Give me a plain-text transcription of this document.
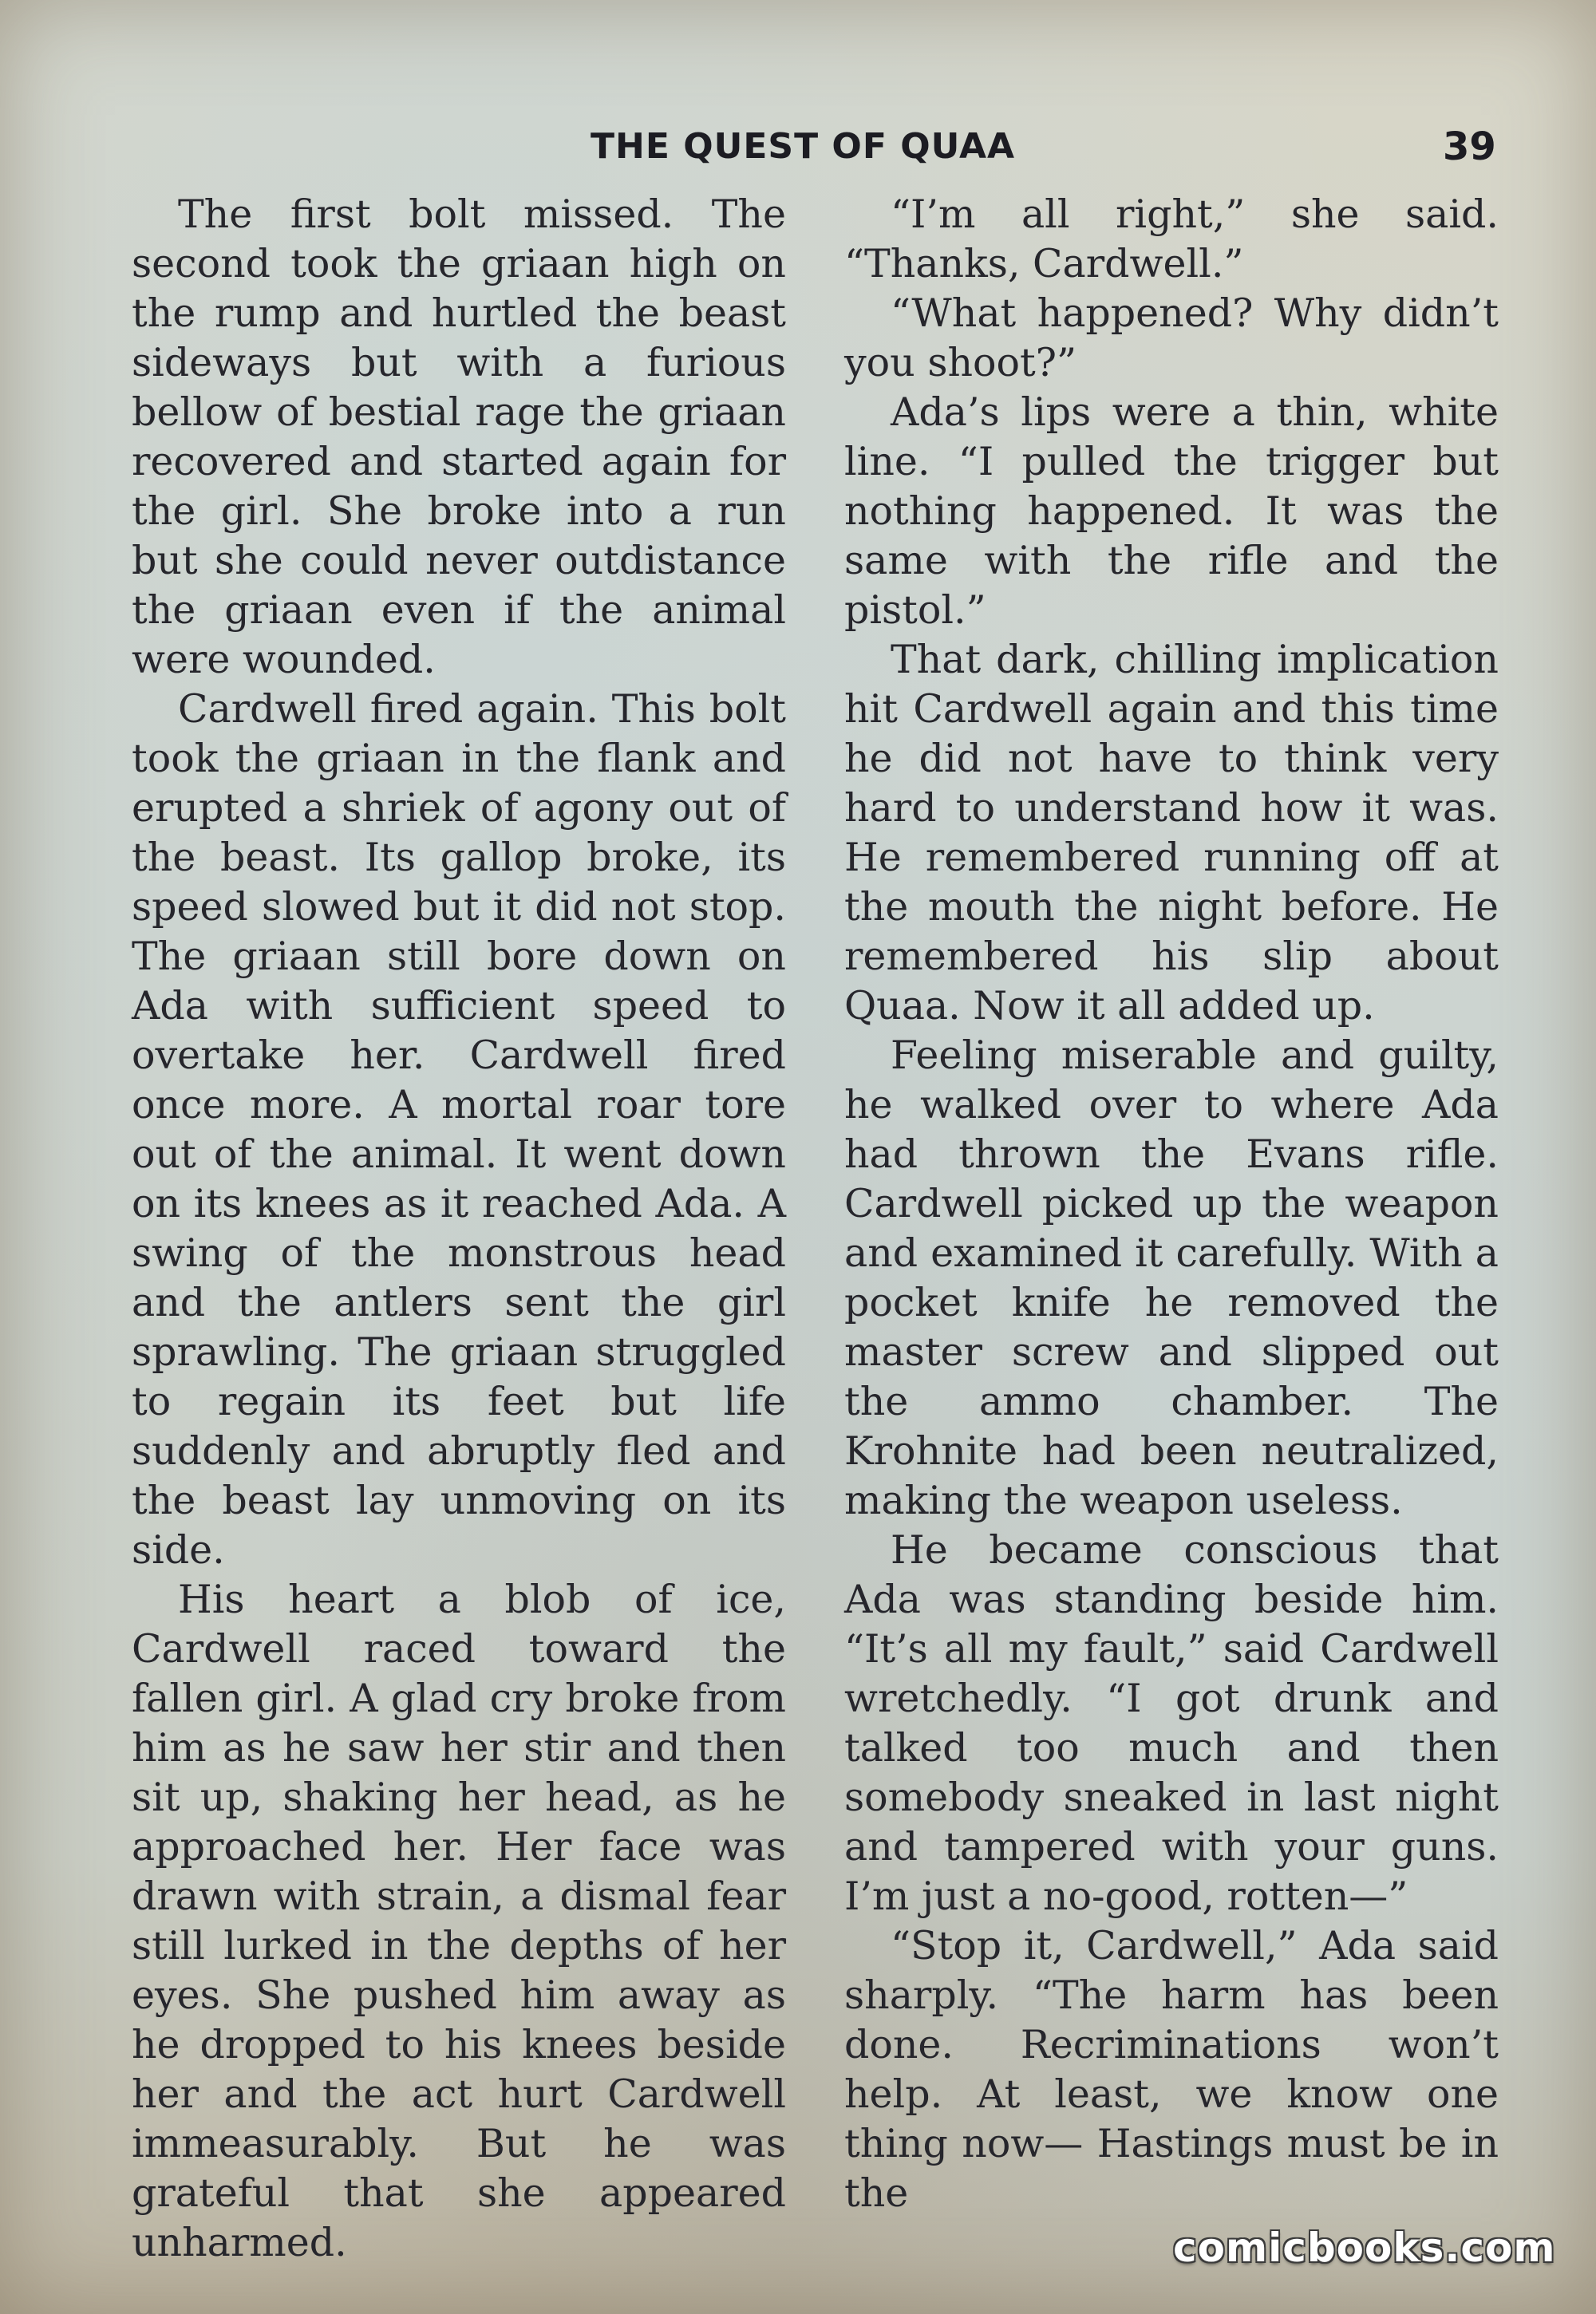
THE QUEST OF QUAA	39

The first bolt missed. The second took the griaan high on the rump and hurtled the beast sideways but with a furious bellow of bestial rage the griaan recovered and started again for the girl. She broke into a run but she could never outdistance the griaan even if the animal were wounded.

Cardwell fired again. This bolt took the griaan in the flank and erupted a shriek of agony out of the beast. Its gallop broke, its speed slowed but it did not stop. The griaan still bore down on Ada with sufficient speed to overtake her. Cardwell fired once more. A mortal roar tore out of the animal. It went down on its knees as it reached Ada. A swing of the monstrous head and the antlers sent the girl sprawling. The griaan struggled to regain its feet but life suddenly and abruptly fled and the beast lay unmoving on its side.

His heart a blob of ice, Cardwell raced toward the fallen girl. A glad cry broke from him as he saw her stir and then sit up, shaking her head, as he approached her. Her face was drawn with strain, a dismal fear still lurked in the depths of her eyes. She pushed him away as he dropped to his knees beside her and the act hurt Cardwell immeasurably. But he was grateful that she appeared unharmed.

“I’m all right,” she said. “Thanks, Cardwell.”

“What happened? Why didn’t you shoot?”

Ada’s lips were a thin, white line. “I pulled the trigger but nothing happened. It was the same with the rifle and the pistol.”

That dark, chilling implication hit Cardwell again and this time he did not have to think very hard to understand how it was. He remembered running off at the mouth the night before. He remembered his slip about Quaa. Now it all added up.

Feeling miserable and guilty, he walked over to where Ada had thrown the Evans rifle. Cardwell picked up the weapon and examined it carefully. With a pocket knife he removed the master screw and slipped out the ammo chamber. The Krohnite had been neutralized, making the weapon useless.

He became conscious that Ada was standing beside him. “It’s all my fault,” said Cardwell wretchedly. “I got drunk and talked too much and then somebody sneaked in last night and tampered with your guns. I’m just a no-good, rotten—”

“Stop it, Cardwell,” Ada said sharply. “The harm has been done. Recriminations won’t help. At least, we know one thing now— Hastings must be in the

comicbooks.com
